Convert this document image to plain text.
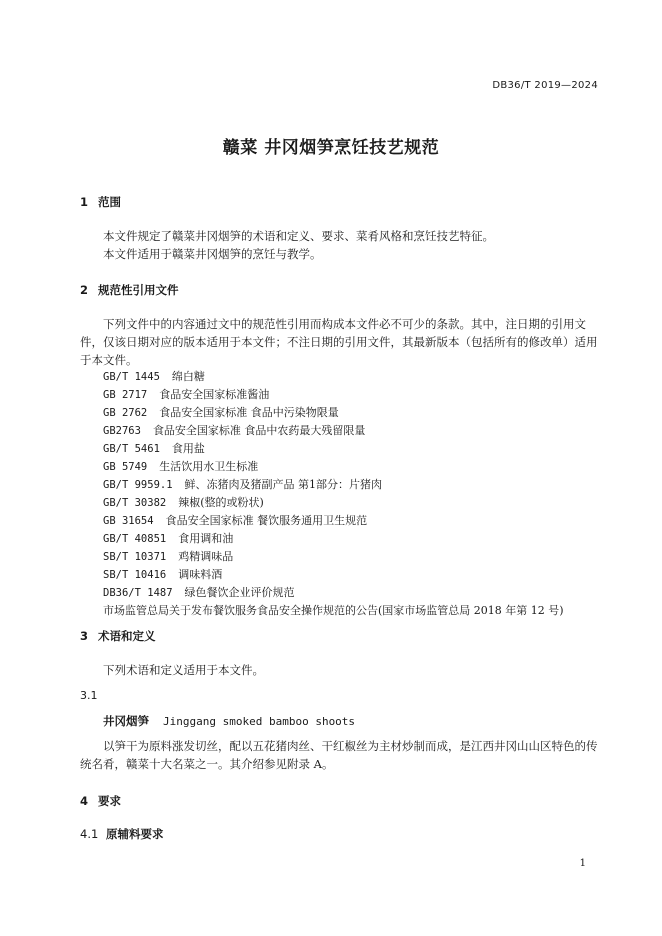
DB36/T 2019—2024
赣菜 井冈烟笋烹饪技艺规范
1 范围
本文件规定了赣菜井冈烟笋的术语和定义、要求、菜肴风格和烹饪技艺特征。
本文件适用于赣菜井冈烟笋的烹饪与教学。
2 规范性引用文件
下列文件中的内容通过文中的规范性引用而构成本文件必不可少的条款。其中，注日期的引用文件，仅该日期对应的版本适用于本文件；不注日期的引用文件，其最新版本（包括所有的修改单）适用于本文件。
GB/T 1445 绵白糖
GB 2717 食品安全国家标准酱油
GB 2762 食品安全国家标准 食品中污染物限量
GB2763 食品安全国家标准 食品中农药最大残留限量
GB/T 5461 食用盐
GB 5749 生活饮用水卫生标准
GB/T 9959.1 鲜、冻猪肉及猪副产品 第1部分：片猪肉
GB/T 30382 辣椒(整的或粉状)
GB 31654 食品安全国家标准 餐饮服务通用卫生规范
GB/T 40851 食用调和油
SB/T 10371 鸡精调味品
SB/T 10416 调味料酒
DB36/T 1487 绿色餐饮企业评价规范
市场监管总局关于发布餐饮服务食品安全操作规范的公告(国家市场监管总局 2018 年第 12 号)
3 术语和定义
下列术语和定义适用于本文件。
3.1
井冈烟笋 Jinggang smoked bamboo shoots
以笋干为原料涨发切丝，配以五花猪肉丝、干红椒丝为主材炒制而成，是江西井冈山山区特色的传统名肴，赣菜十大名菜之一。其介绍参见附录 A。
4 要求
4.1 原辅料要求
1
